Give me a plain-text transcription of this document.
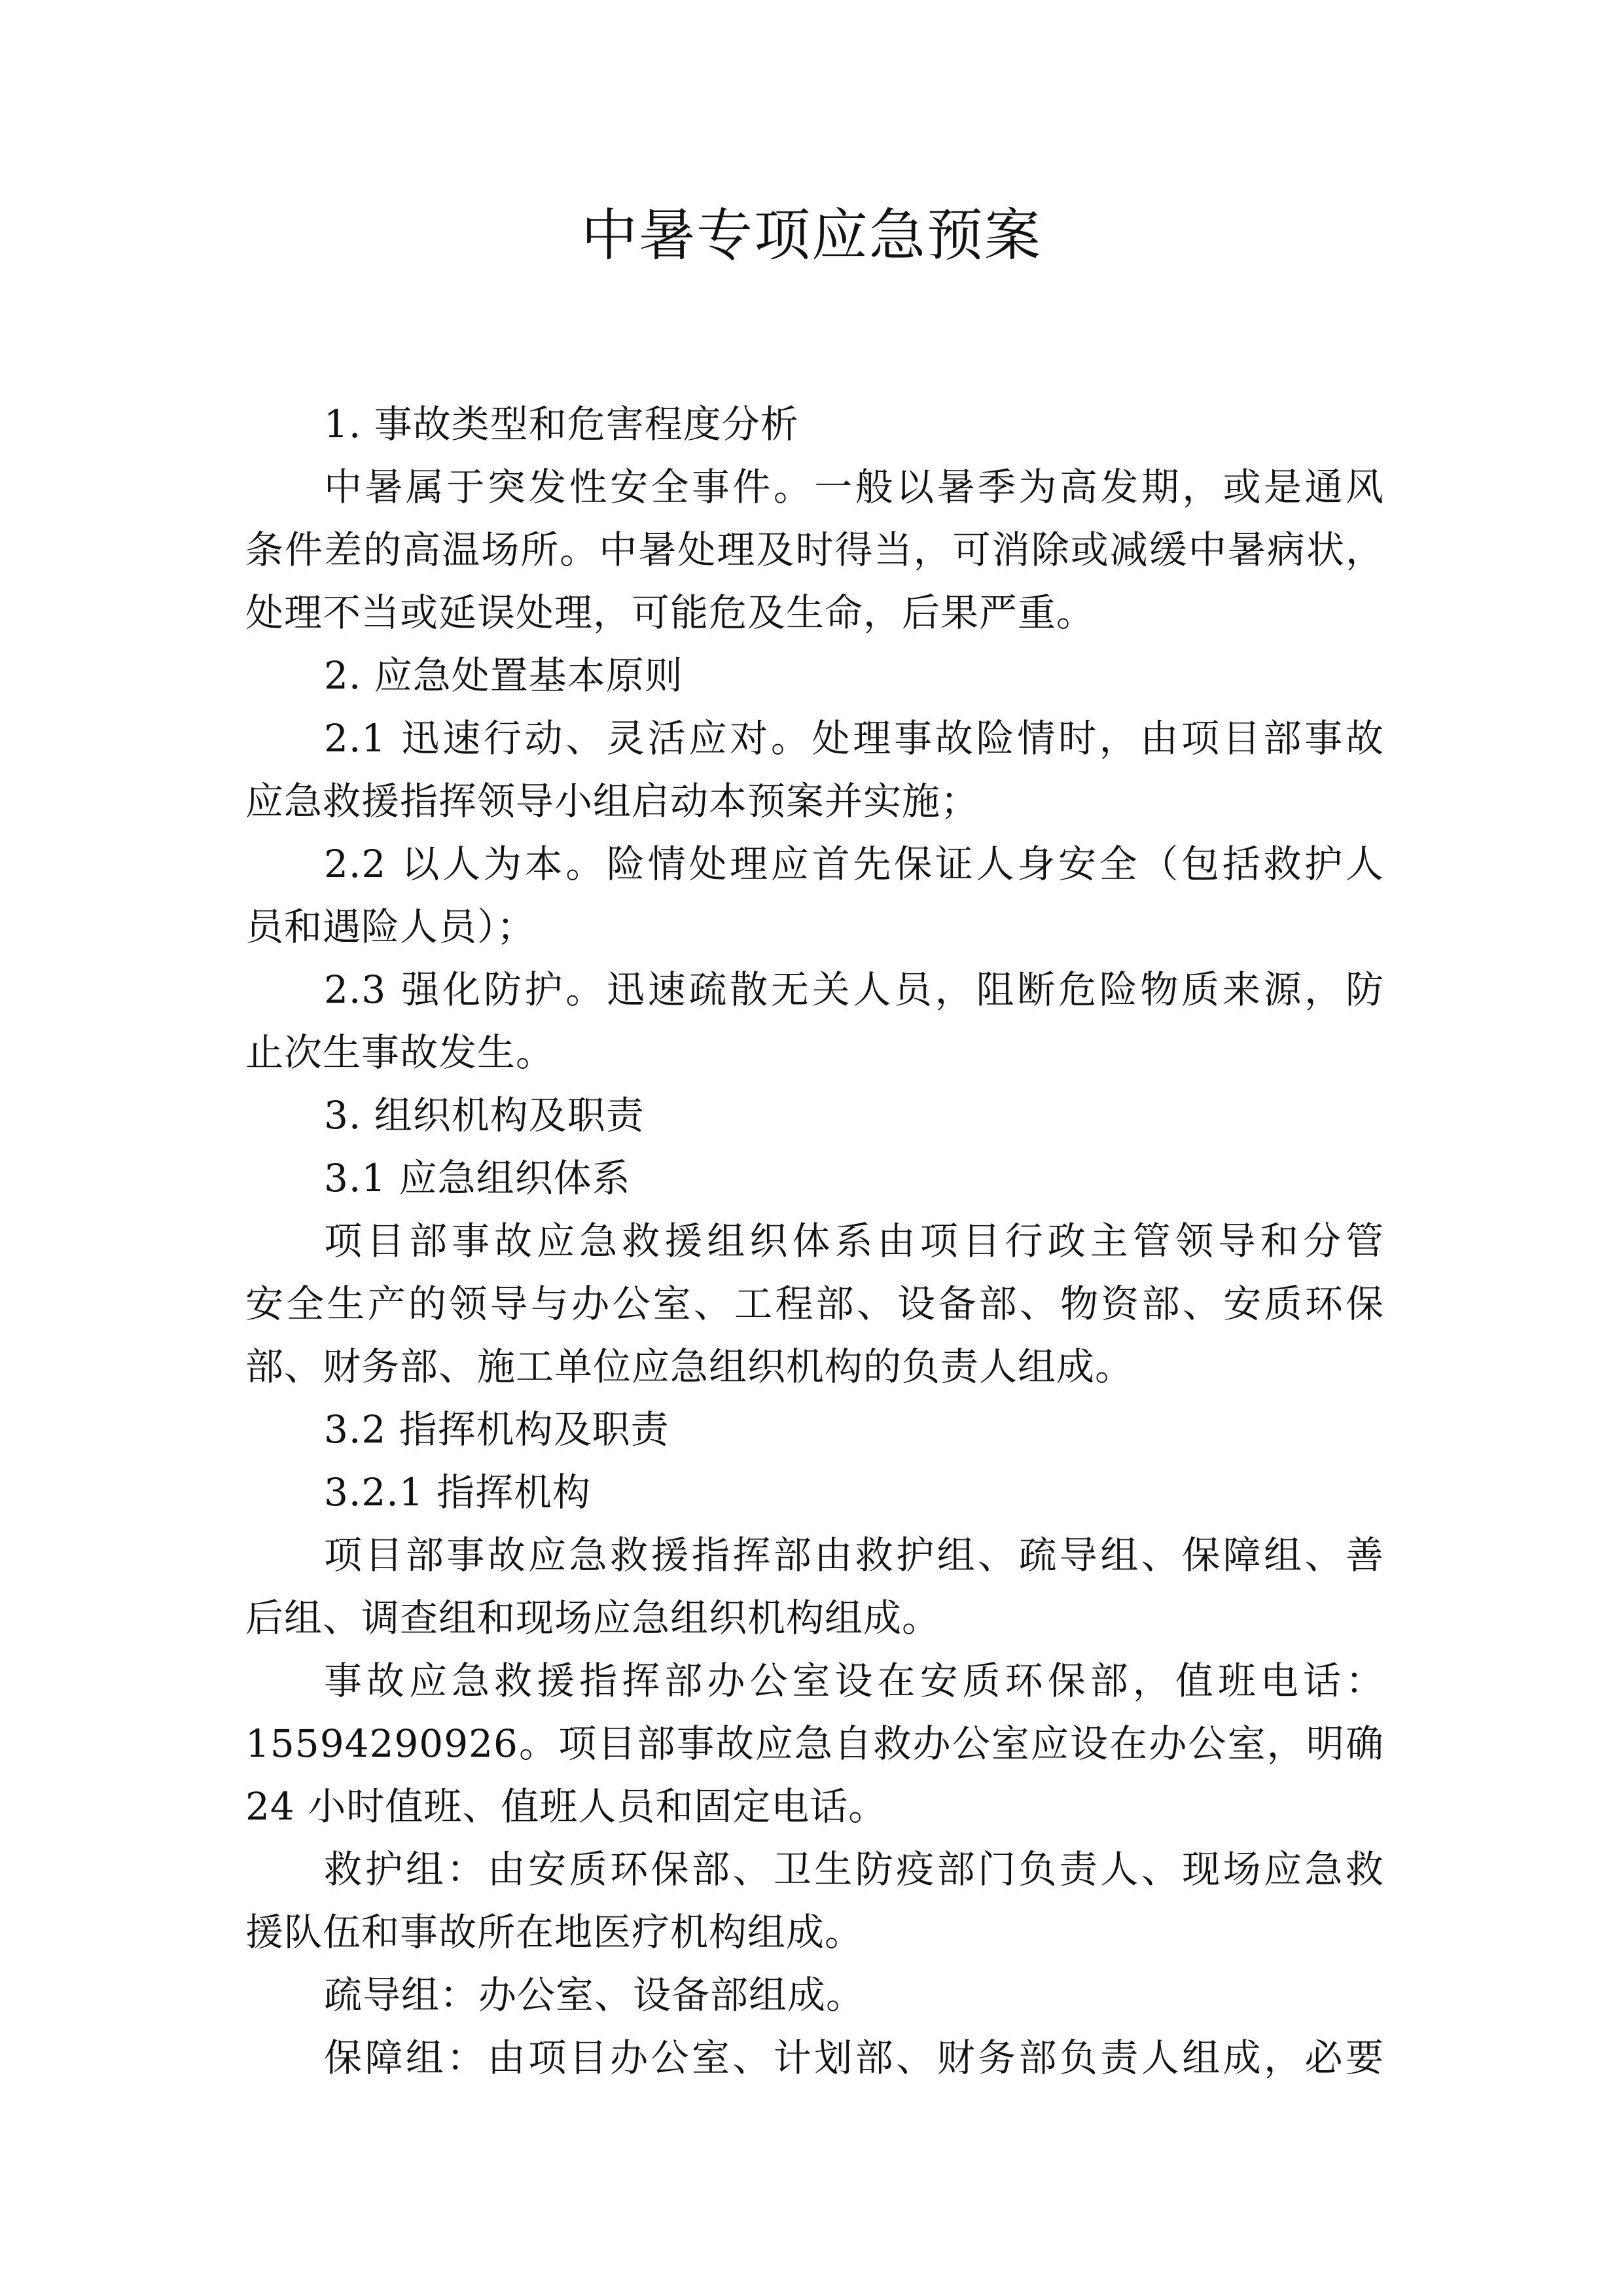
中暑专项应急预案
1. 事故类型和危害程度分析
中暑属于突发性安全事件。一般以暑季为高发期，或是通风
条件差的高温场所。中暑处理及时得当，可消除或减缓中暑病状，
处理不当或延误处理，可能危及生命，后果严重。
2. 应急处置基本原则
2.1 迅速行动、灵活应对。处理事故险情时，由项目部事故
应急救援指挥领导小组启动本预案并实施；
2.2 以人为本。险情处理应首先保证人身安全（包括救护人
员和遇险人员）；
2.3 强化防护。迅速疏散无关人员，阻断危险物质来源，防
止次生事故发生。
3. 组织机构及职责
3.1 应急组织体系
项目部事故应急救援组织体系由项目行政主管领导和分管
安全生产的领导与办公室、工程部、设备部、物资部、安质环保
部、财务部、施工单位应急组织机构的负责人组成。
3.2 指挥机构及职责
3.2.1 指挥机构
项目部事故应急救援指挥部由救护组、疏导组、保障组、善
后组、调查组和现场应急组织机构组成。
事故应急救援指挥部办公室设在安质环保部，值班电话：
15594290926。项目部事故应急自救办公室应设在办公室，明确
24 小时值班、值班人员和固定电话。
救护组：由安质环保部、卫生防疫部门负责人、现场应急救
援队伍和事故所在地医疗机构组成。
疏导组：办公室、设备部组成。
保障组：由项目办公室、计划部、财务部负责人组成，必要
